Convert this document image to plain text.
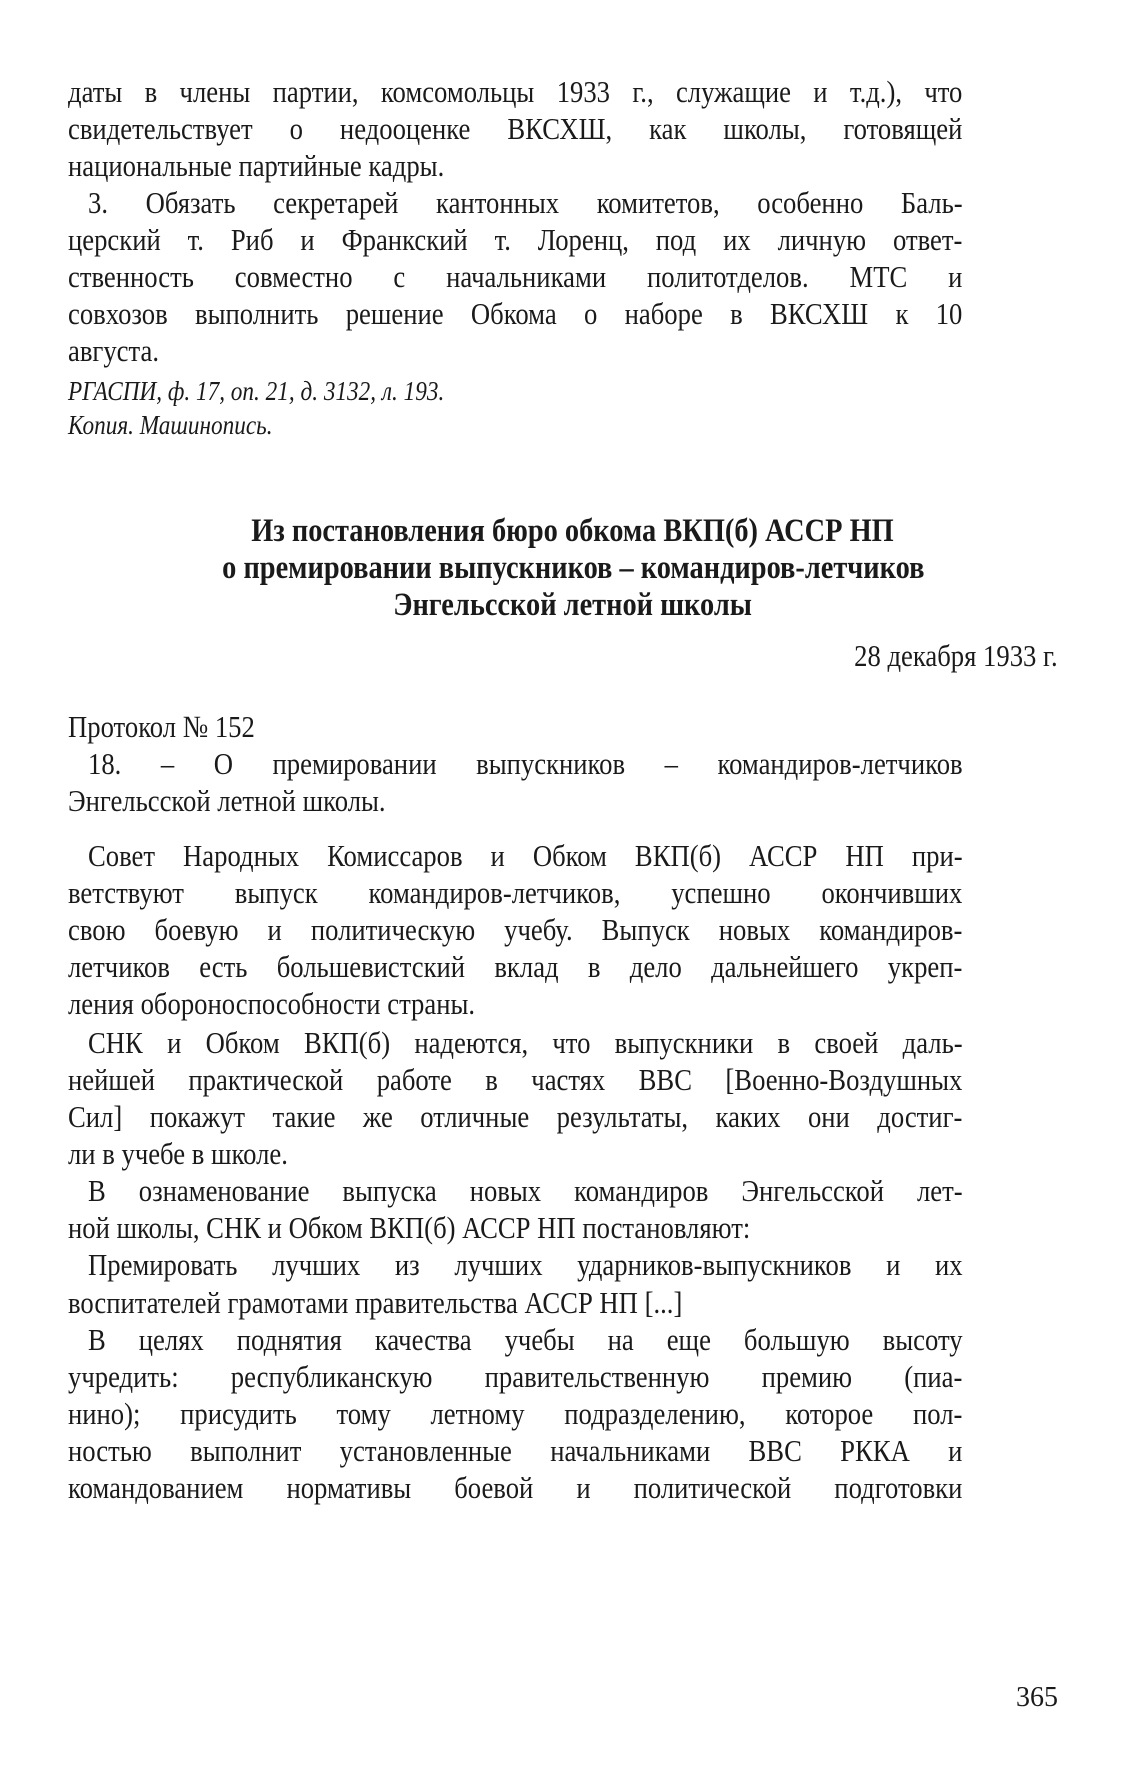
даты в члены партии, комсомольцы 1933 г., служащие и т.д.), что
свидетельствует о недооценке ВКСХШ, как школы, готовящей
национальные партийные кадры.
3. Обязать секретарей кантонных комитетов, особенно Баль-
церский т. Риб и Франкский т. Лоренц, под их личную ответ-
ственность совместно с начальниками политотделов. МТС и
совхозов выполнить решение Обкома о наборе в ВКСХШ к 10
августа.
18. – О премировании выпускников – командиров-летчиков
Энгельсской летной школы.
Совет Народных Комиссаров и Обком ВКП(б) АССР НП при-
ветствуют выпуск командиров-летчиков, успешно окончивших
свою боевую и политическую учебу. Выпуск новых командиров-
летчиков есть большевистский вклад в дело дальнейшего укреп-
ления обороноспособности страны.
СНК и Обком ВКП(б) надеются, что выпускники в своей даль-
нейшей практической работе в частях ВВС [Военно-Воздушных
Сил] покажут такие же отличные результаты, каких они достиг-
ли в учебе в школе.
В ознаменование выпуска новых командиров Энгельсской лет-
ной школы, СНК и Обком ВКП(б) АССР НП постановляют:
Премировать лучших из лучших ударников-выпускников и их
воспитателей грамотами правительства АССР НП [...]
В целях поднятия качества учебы на еще большую высоту
учредить: республиканскую правительственную премию (пиа-
нино); присудить тому летному подразделению, которое пол-
ностью выполнит установленные начальниками ВВС РККА и
командованием нормативы боевой и политической подготовки
РГАСПИ, ф. 17, оп. 21, д. 3132, л. 193.
Копия. Машинопись.
Из постановления бюро обкома ВКП(б) АССР НП
о премировании выпускников – командиров-летчиков
Энгельсской летной школы
28 декабря 1933 г.
Протокол № 152
365
